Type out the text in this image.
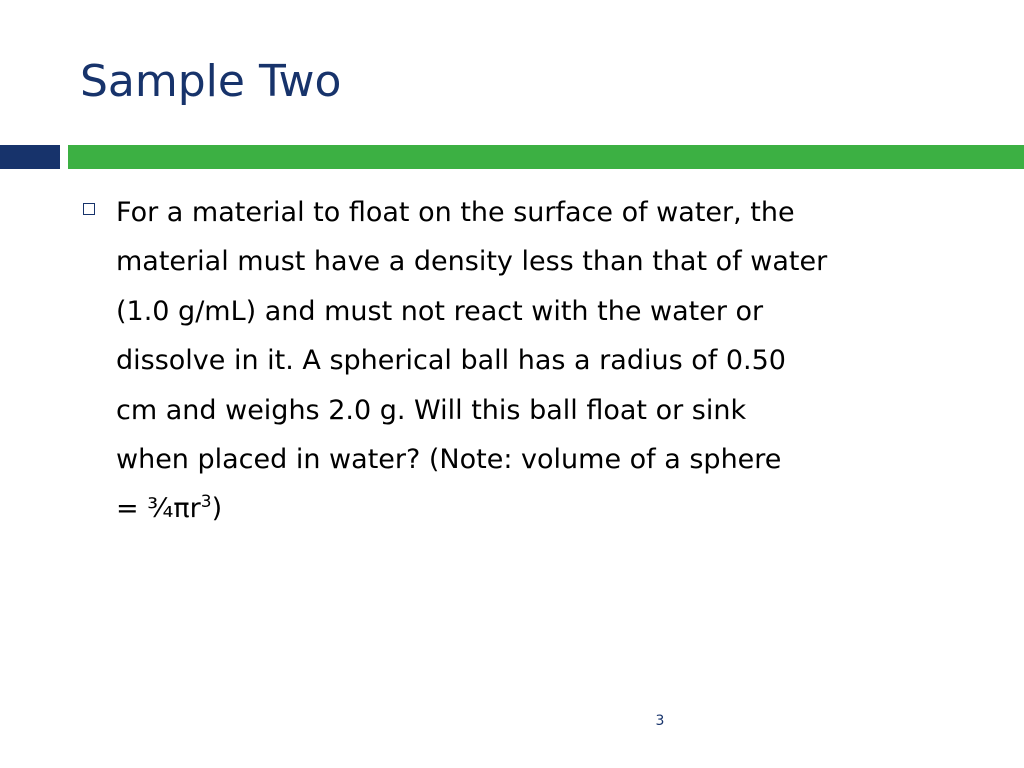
Sample Two

For a material to float on the surface of water, the
material must have a density less than that of water
(1.0 g/mL) and must not react with the water or
dissolve in it. A spherical ball has a radius of 0.50
cm and weighs 2.0 g. Will this ball float or sink
when placed in water? (Note: volume of a sphere
= $\frac{3}{4}\pi r^3$)

3
